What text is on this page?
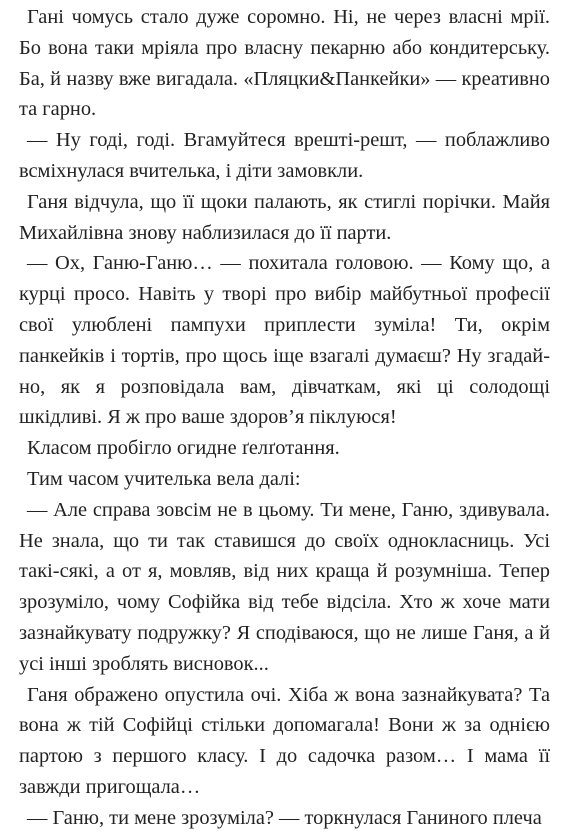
Гані чомусь стало дуже соромно. Ні, не через власні мрії. Бо вона таки мріяла про власну пекарню або кондитерську. Ба, й назву вже вигадала. «Пляцки&Панкейки» — креативно та гарно.

— Ну годі, годі. Вгамуйтеся врешті-решт, — поблажливо всміхнулася вчителька, і діти замовкли.

Ганя відчула, що її щоки палають, як стиглі порічки. Майя Михайлівна знову наблизилася до її парти.

— Ох, Ганю-Ганю… — похитала головою. — Кому що, а курці просо. Навіть у творі про вибір майбутньої професії свої улюблені пампухи приплести зуміла! Ти, окрім панкейків і тортів, про щось іще взагалі думаєш? Ну згадайно, як я розповідала вам, дівчаткам, які ці солодощі шкідливі. Я ж про ваше здоров’я піклуюся!

Класом пробігло огидне ґелґотання.

Тим часом учителька вела далі:

— Але справа зовсім не в цьому. Ти мене, Ганю, здивувала. Не знала, що ти так ставишся до своїх однокласниць. Усі такі-сякі, а от я, мовляв, від них краща й розумніша. Тепер зрозуміло, чому Софійка від тебе відсіла. Хто ж хоче мати зазнайкувату подружку? Я сподіваюся, що не лише Ганя, а й усі інші зроблять висновок...

Ганя ображено опустила очі. Хіба ж вона зазнайкувата? Та вона ж тій Софійці стільки допомагала! Вони ж за однією партою з першого класу. І до садочка разом… І мама її завжди пригощала…

— Ганю, ти мене зрозуміла? — торкнулася Ганиного плеча
